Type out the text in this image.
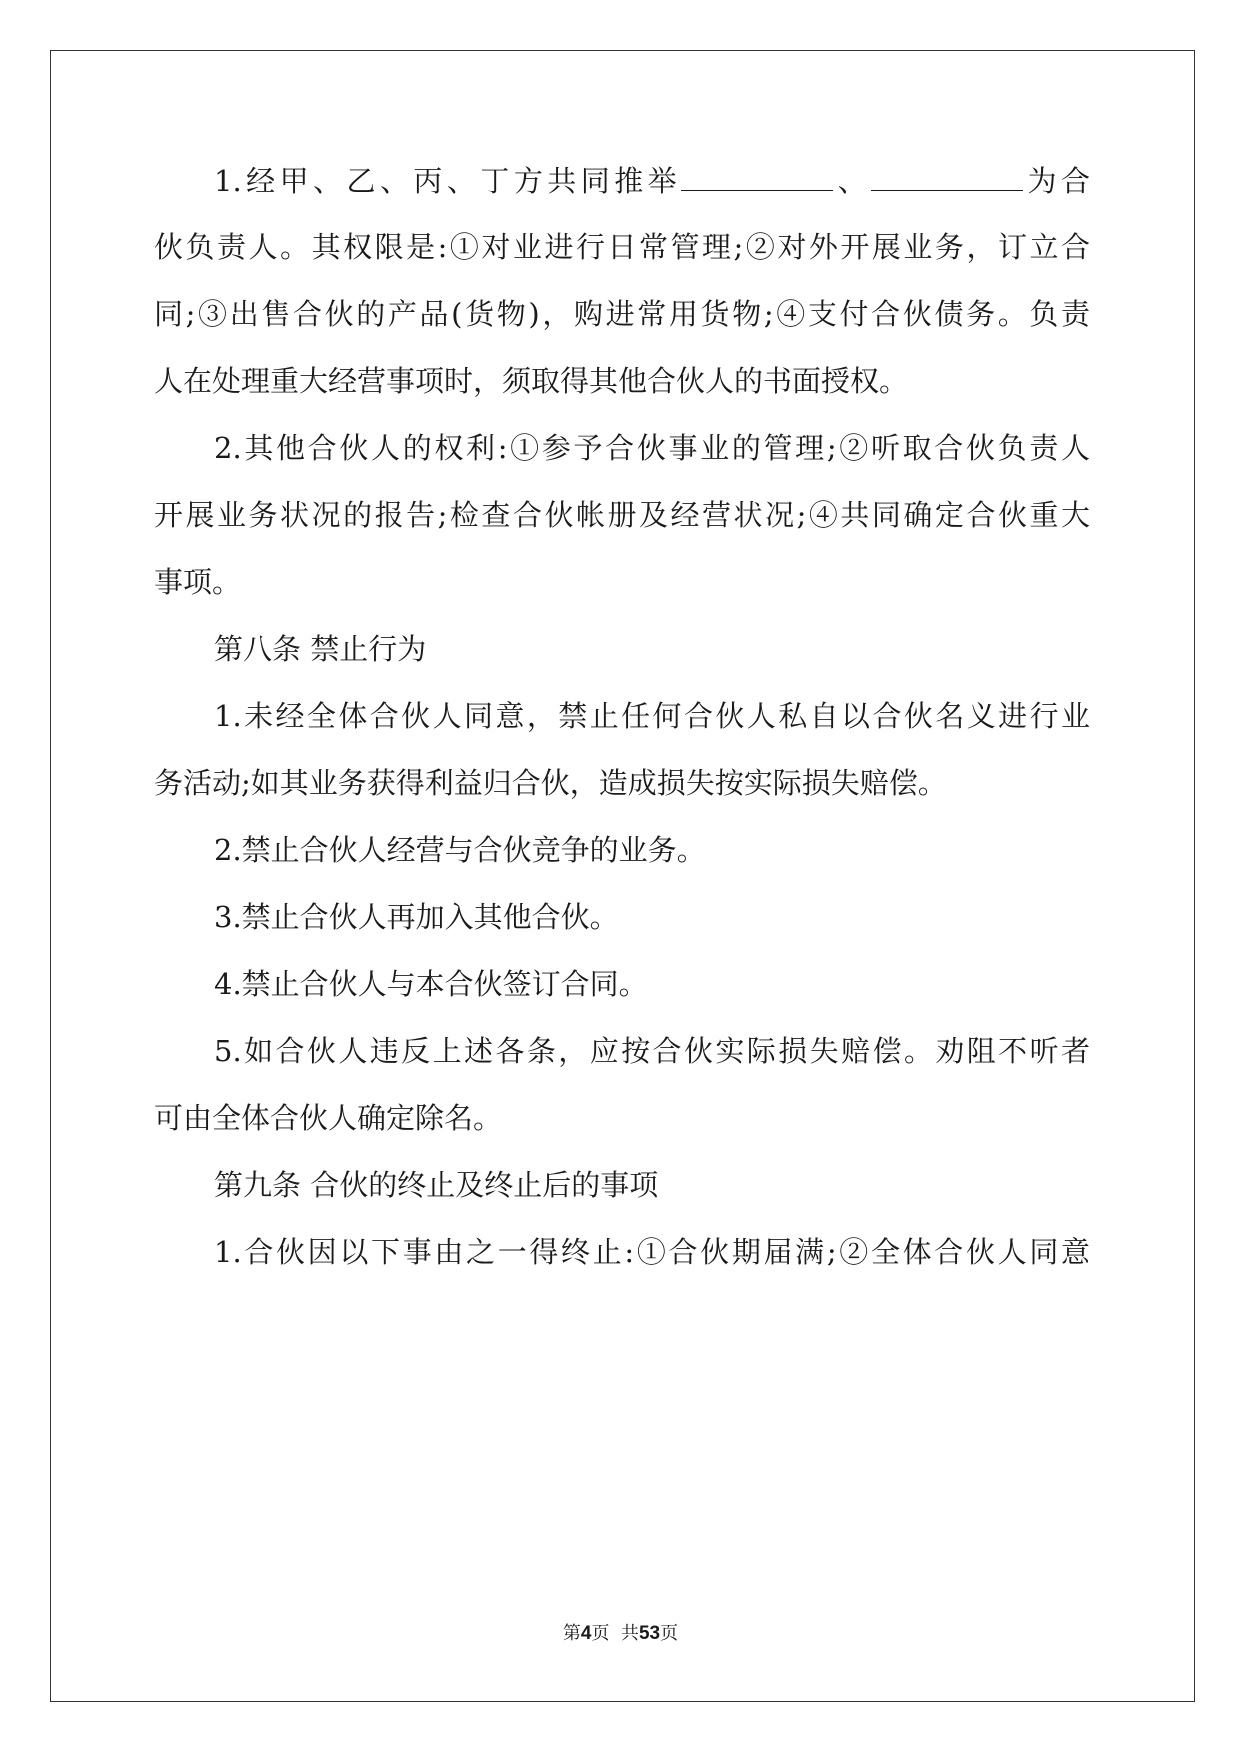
1.经甲、乙、丙、丁方共同推举	、	为合
伙负责人。其权限是:①对业进行日常管理;②对外开展业务，订立合
同;③出售合伙的产品(货物)，购进常用货物;④支付合伙债务。负责
人在处理重大经营事项时，须取得其他合伙人的书面授权。
2.其他合伙人的权利:①参予合伙事业的管理;②听取合伙负责人
开展业务状况的报告;检查合伙帐册及经营状况;④共同确定合伙重大
事项。
第八条 禁止行为
1.未经全体合伙人同意，禁止任何合伙人私自以合伙名义进行业
务活动;如其业务获得利益归合伙，造成损失按实际损失赔偿。
2.禁止合伙人经营与合伙竞争的业务。
3.禁止合伙人再加入其他合伙。
4.禁止合伙人与本合伙签订合同。
5.如合伙人违反上述各条，应按合伙实际损失赔偿。劝阻不听者
可由全体合伙人确定除名。
第九条 合伙的终止及终止后的事项
1.合伙因以下事由之一得终止:①合伙期届满;②全体合伙人同意
第4页  共53页
